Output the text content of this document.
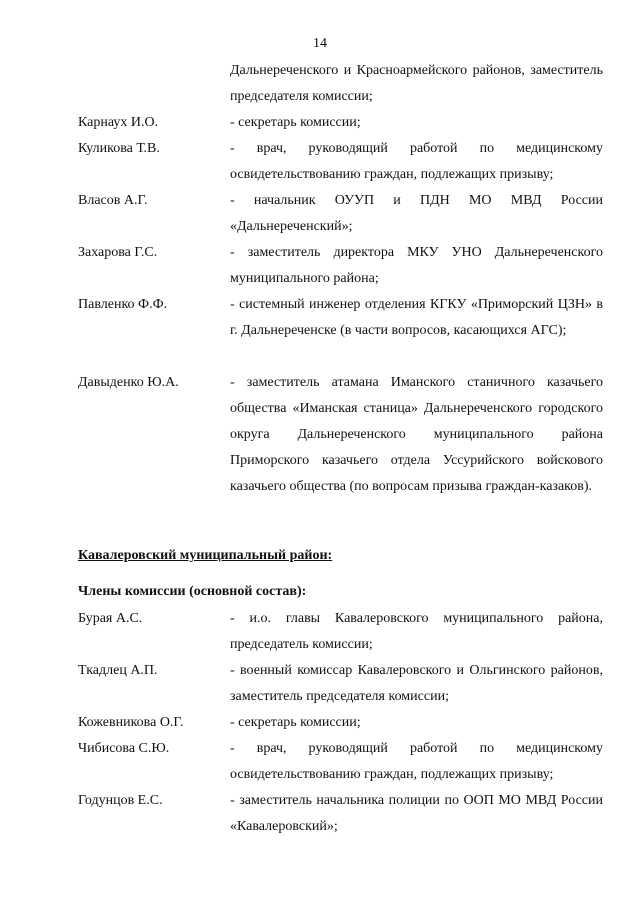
14
Дальнереченского и Красноармейского районов, заместитель председателя комиссии;
Карнаух И.О.	- секретарь комиссии;
Куликова Т.В.	- врач, руководящий работой по медицинскому освидетельствованию граждан, подлежащих призыву;
Власов А.Г.	- начальник ОУУП и ПДН МО МВД России «Дальнереченский»;
Захарова Г.С.	- заместитель директора МКУ УНО Дальнереченского муниципального района;
Павленко Ф.Ф.	- системный инженер отделения КГКУ «Приморский ЦЗН» в г. Дальнереченске (в части вопросов, касающихся АГС);
Давыденко Ю.А.	- заместитель атамана Иманского станичного казачьего общества «Иманская станица» Дальнереченского городского округа Дальнереченского муниципального района Приморского казачьего отдела Уссурийского войскового казачьего общества (по вопросам призыва граждан-казаков).
Кавалеровский муниципальный район:
Члены комиссии (основной состав):
Бурая А.С.	- и.о. главы Кавалеровского муниципального района, председатель комиссии;
Ткадлец А.П.	- военный комиссар Кавалеровского и Ольгинского районов, заместитель председателя комиссии;
Кожевникова О.Г.	- секретарь комиссии;
Чибисова С.Ю.	- врач, руководящий работой по медицинскому освидетельствованию граждан, подлежащих призыву;
Годунцов Е.С.	- заместитель начальника полиции по ООП МО МВД России «Кавалеровский»;
